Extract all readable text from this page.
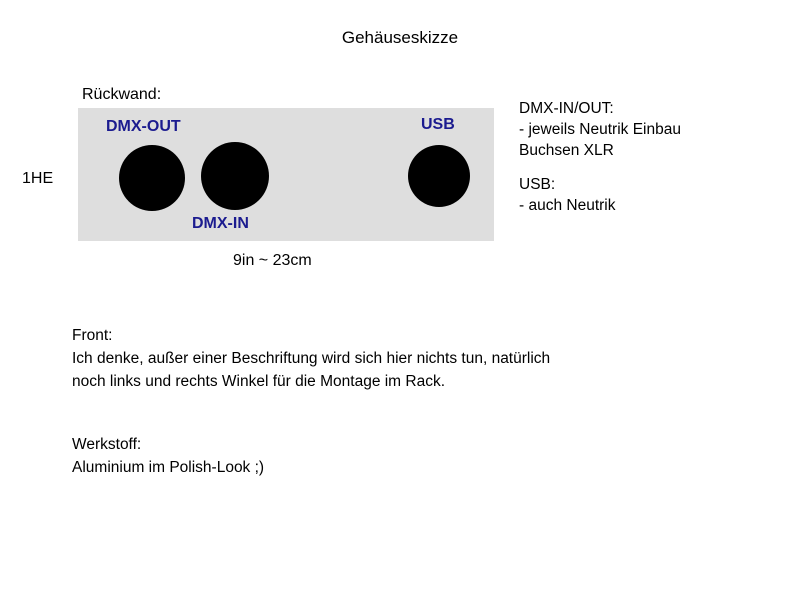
Gehäuseskizze
Rückwand:
DMX-OUT	USB
DMX-IN
1HE
9in ~ 23cm
DMX-IN/OUT:
- jeweils Neutrik Einbau
Buchsen XLR
USB:
- auch Neutrik
Front:
Ich denke, außer einer Beschriftung wird sich hier nichts tun, natürlich
noch links und rechts Winkel für die Montage im Rack.
Werkstoff:
Aluminium im Polish-Look ;)
